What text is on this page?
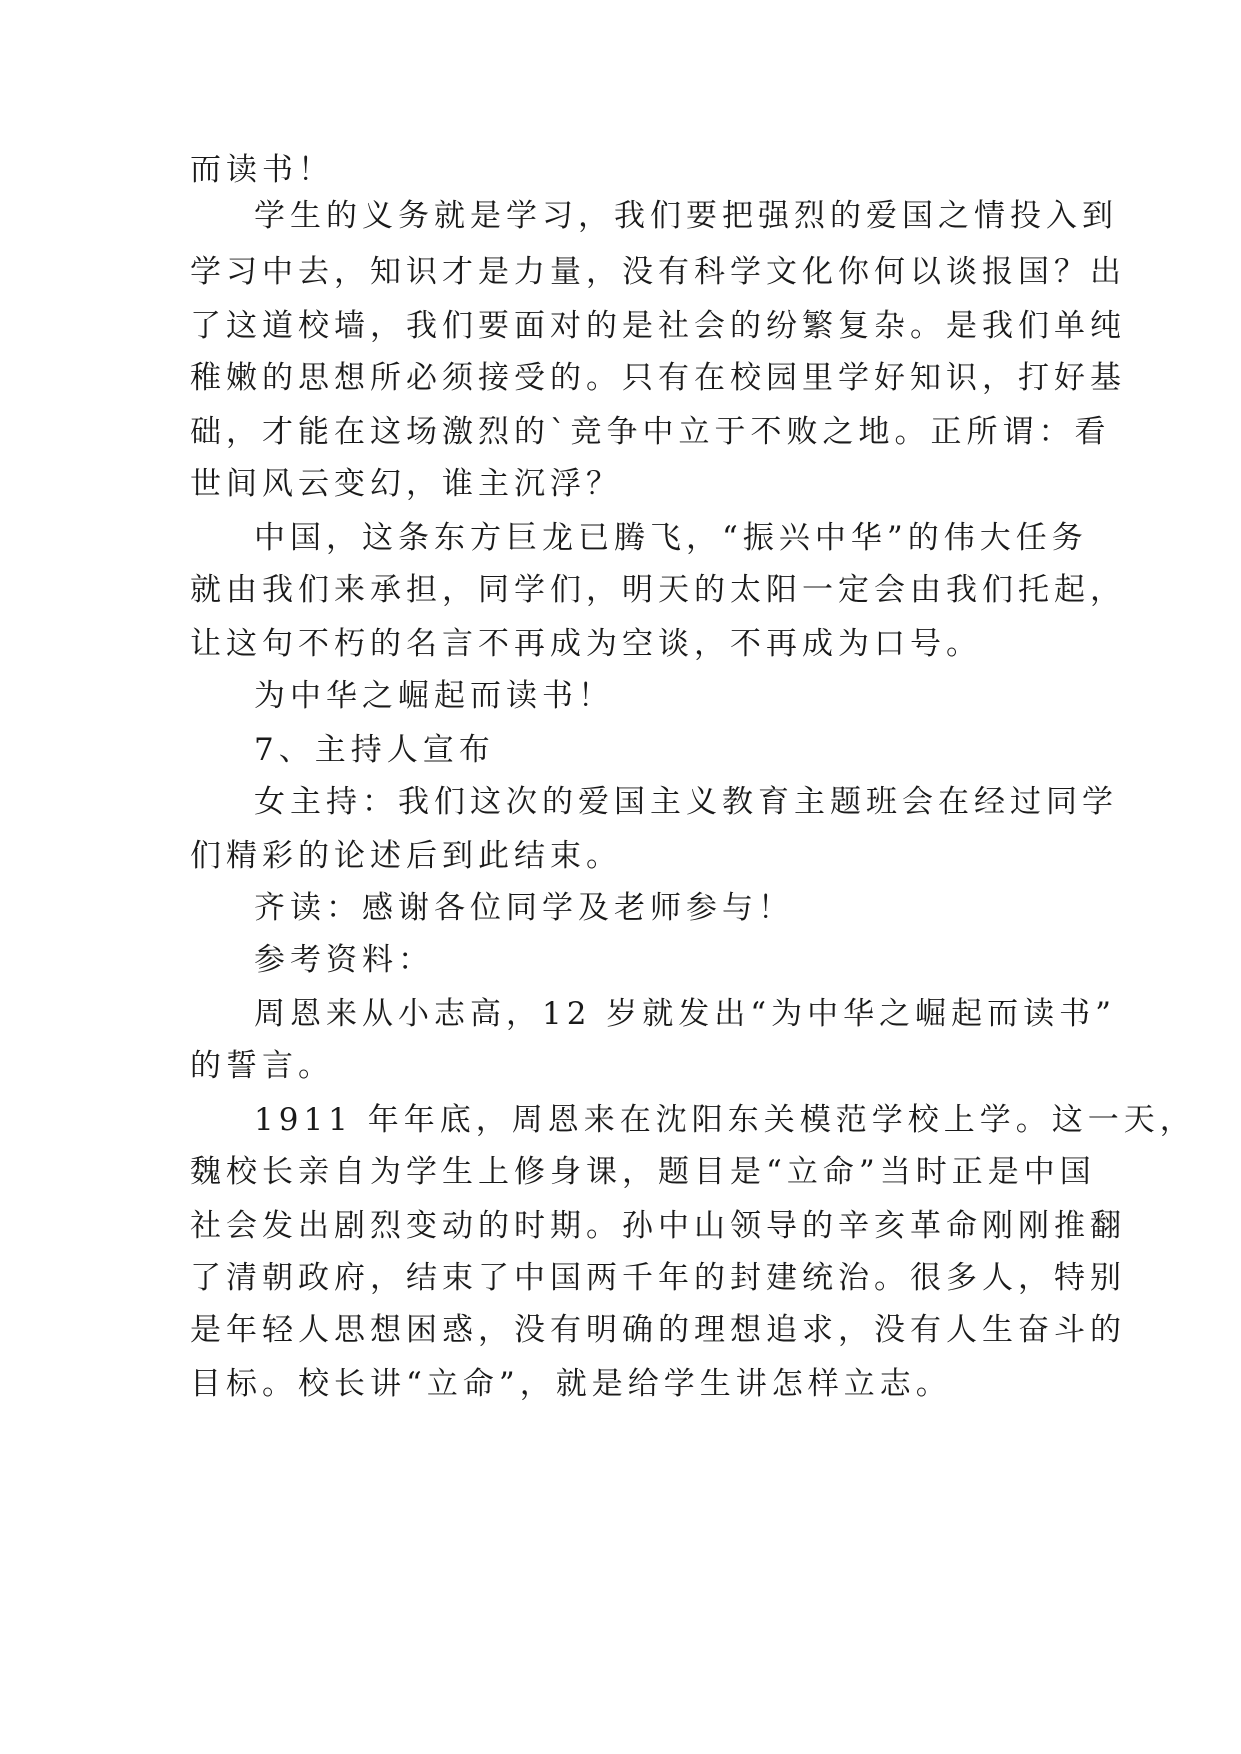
而读书！
学生的义务就是学习，我们要把强烈的爱国之情投入到
学习中去，知识才是力量，没有科学文化你何以谈报国？出
了这道校墙，我们要面对的是社会的纷繁复杂。是我们单纯
稚嫩的思想所必须接受的。只有在校园里学好知识，打好基
础，才能在这场激烈的`竞争中立于不败之地。正所谓：看
世间风云变幻，谁主沉浮？
中国，这条东方巨龙已腾飞，“振兴中华”的伟大任务
就由我们来承担，同学们，明天的太阳一定会由我们托起，
让这句不朽的名言不再成为空谈，不再成为口号。
为中华之崛起而读书！
7、主持人宣布
女主持：我们这次的爱国主义教育主题班会在经过同学
们精彩的论述后到此结束。
齐读：感谢各位同学及老师参与！
参考资料：
周恩来从小志高，12 岁就发出“为中华之崛起而读书”
的誓言。
1911 年年底，周恩来在沈阳东关模范学校上学。这一天，
魏校长亲自为学生上修身课，题目是“立命”当时正是中国
社会发出剧烈变动的时期。孙中山领导的辛亥革命刚刚推翻
了清朝政府，结束了中国两千年的封建统治。很多人，特别
是年轻人思想困惑，没有明确的理想追求，没有人生奋斗的
目标。校长讲“立命”，就是给学生讲怎样立志。
